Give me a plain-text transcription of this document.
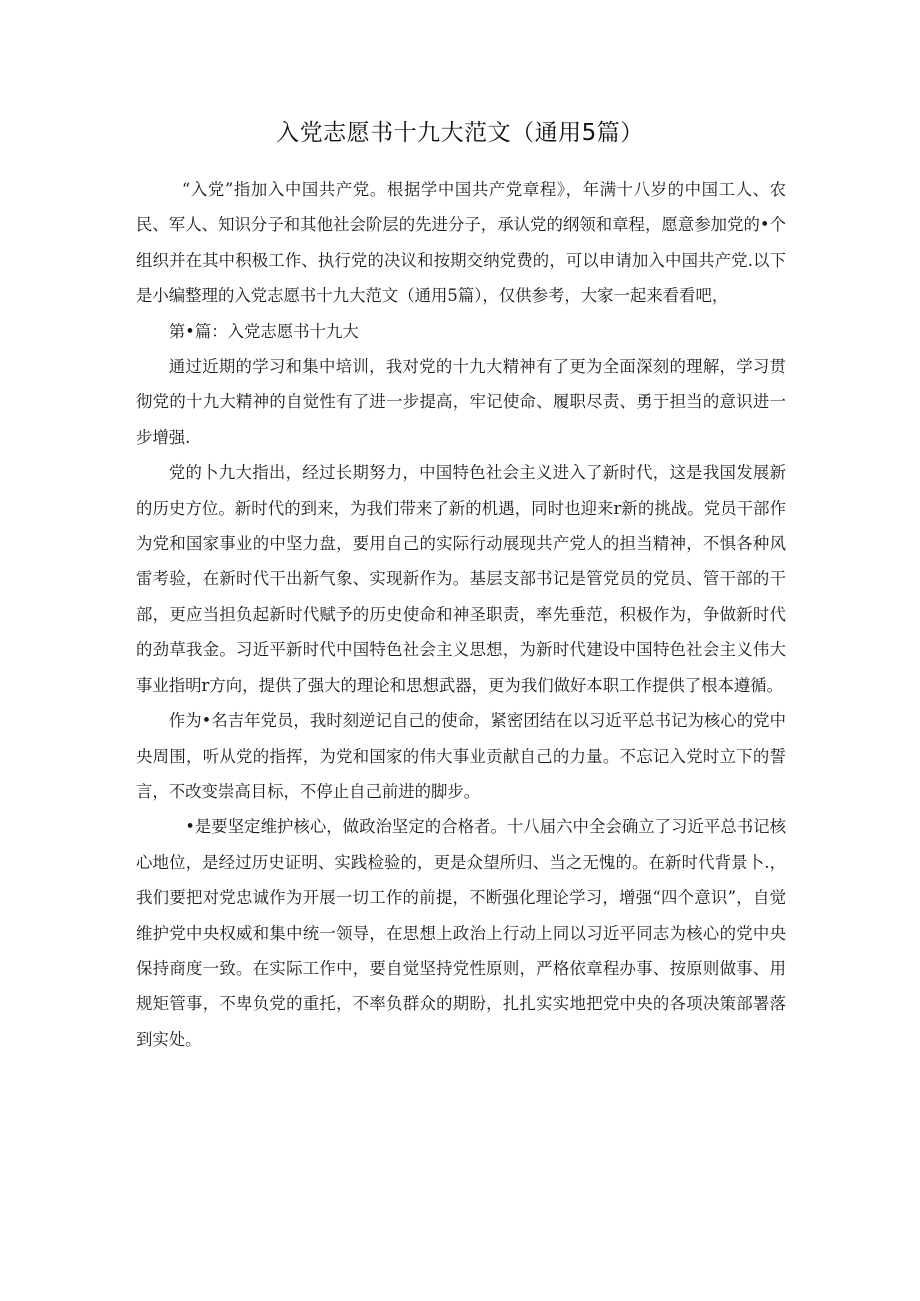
入党志愿书十九大范文（通用5篇）

“入党”指加入中国共产党。根据学中国共产党章程》，年满十八岁的中国工人、农民、军人、知识分子和其他社会阶层的先进分子，承认党的纲领和章程，愿意参加党的•个组织并在其中积极工作、执行党的决议和按期交纳党费的，可以申请加入中国共产党.以下是小编整理的入党志愿书十九大范文（通用5篇），仅供参考，大家一起来看看吧，

第•篇：入党志愿书十九大

通过近期的学习和集中培训，我对党的十九大精神有了更为全面深刻的理解，学习贯彻党的十九大精神的自觉性有了进一步提高，牢记使命、履职尽责、勇于担当的意识进一步增强.

党的卜九大指出，经过长期努力，中国特色社会主义进入了新时代，这是我国发展新的历史方位。新时代的到来，为我们带来了新的机遇，同时也迎来r新的挑战。党员干部作为党和国家事业的中坚力盘，要用自己的实际行动展现共产党人的担当精神，不惧各种风雷考验，在新时代干出新气象、实现新作为。基层支部书记是管党员的党员、管干部的干部，更应当担负起新时代赋予的历史使命和神圣职责，率先垂范，积极作为，争做新时代的劲草我金。习近平新时代中国特色社会主义思想，为新时代建设中国特色社会主义伟大事业指明r方向，提供了强大的理论和思想武器，更为我们做好本职工作提供了根本遵循。

作为•名吉年党员，我时刻逆记自己的使命，紧密团结在以习近平总书记为核心的党中央周围，听从党的指挥，为党和国家的伟大事业贡献自己的力量。不忘记入党时立下的誓言，不改变崇高目标，不停止自己前进的脚步。

•是要坚定维护核心，做政治坚定的合格者。十八届六中全会确立了习近平总书记核心地位，是经过历史证明、实践检验的，更是众望所归、当之无愧的。在新时代背景卜.，我们要把对党忠诚作为开展一切工作的前提，不断强化理论学习，增强“四个意识”，自觉维护党中央权威和集中统一领导，在思想上政治上行动上同以习近平同志为核心的党中央保持商度一致。在实际工作中，要自觉坚持党性原则，严格依章程办事、按原则做事、用规矩管事，不卑负党的重托，不率负群众的期盼，扎扎实实地把党中央的各项决策部署落到实处。
